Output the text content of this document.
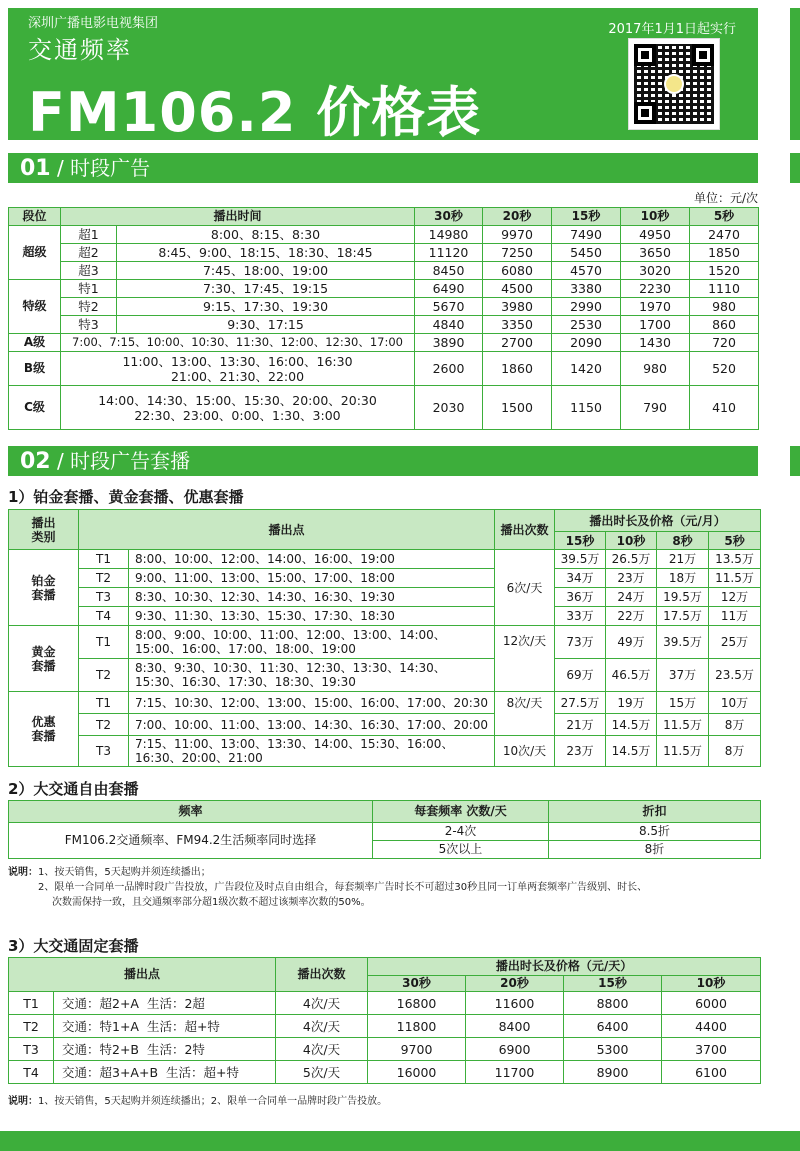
深圳广播电影电视集团
交通频率
FM106.2 价格表
2017年1月1日起实行
01 / 时段广告
单位：元/次
段位	播出时间		30秒	20秒	15秒	10秒	5秒
超级	超1	8:00、8:15、8:30	14980	9970	7490	4950	2470
	超2	8:45、9:00、18:15、18:30、18:45	11120	7250	5450	3650	1850
	超3	7:45、18:00、19:00	8450	6080	4570	3020	1520
特级	特1	7:30、17:45、19:15	6490	4500	3380	2230	1110
	特2	9:15、17:30、19:30	5670	3980	2990	1970	980
	特3	9:30、17:15	4840	3350	2530	1700	860
A级	7:00、7:15、10:00、10:30、11:30、12:00、12:30、17:00		3890	2700	2090	1430	720
B级	11:00、13:00、13:30、16:00、16:30
21:00、21:30、22:00		2600	1860	1420	980	520
C级	14:00、14:30、15:00、15:30、20:00、20:30
22:30、23:00、0:00、1:30、3:00		2030	1500	1150	790	410
02 / 时段广告套播
1）铂金套播、黄金套播、优惠套播
播出
类别	播出点		播出次数	播出时长及价格（元/月）			
				15秒	10秒	8秒	5秒
铂金
套播	T1	8:00、10:00、12:00、14:00、16:00、19:00	6次/天	39.5万	26.5万	21万	13.5万
	T2	9:00、11:00、13:00、15:00、17:00、18:00		34万	23万	18万	11.5万
	T3	8:30、10:30、12:30、14:30、16:30、19:30		36万	24万	19.5万	12万
	T4	9:30、11:30、13:30、15:30、17:30、18:30		33万	22万	17.5万	11万
黄金
套播	T1	8:00、9:00、10:00、11:00、12:00、13:00、14:00、15:00、16:00、17:00、18:00、19:00	12次/天	73万	49万	39.5万	25万
	T2	8:30、9:30、10:30、11:30、12:30、13:30、14:30、15:30、16:30、17:30、18:30、19:30		69万	46.5万	37万	23.5万
优惠
套播	T1	7:15、10:30、12:00、13:00、15:00、16:00、17:00、20:30	8次/天	27.5万	19万	15万	10万
	T2	7:00、10:00、11:00、13:00、14:30、16:30、17:00、20:00		21万	14.5万	11.5万	8万
	T3	7:15、11:00、13:00、13:30、14:00、15:30、16:00、16:30、20:00、21:00	10次/天	23万	14.5万	11.5万	8万
2）大交通自由套播
频率	每套频率 次数/天	折扣
FM106.2交通频率、FM94.2生活频率同时选择	2-4次	8.5折
	5次以上	8折
说明：1、按天销售，5天起购并须连续播出；
2、限单一合同单一品牌时段广告投放，广告段位及时点自由组合，每套频率广告时长不可超过30秒且同一订单两套频率广告级别、时长、
次数需保持一致，且交通频率部分超1级次数不超过该频率次数的50%。
3）大交通固定套播
播出点		播出次数	播出时长及价格（元/天）			
			30秒	20秒	15秒	10秒
T1	交通：超2+A 生活：2超	4次/天	16800	11600	8800	6000
T2	交通：特1+A 生活：超+特	4次/天	11800	8400	6400	4400
T3	交通：特2+B 生活：2特	4次/天	9700	6900	5300	3700
T4	交通：超3+A+B 生活：超+特	5次/天	16000	11700	8900	6100
说明：1、按天销售，5天起购并须连续播出；2、限单一合同单一品牌时段广告投放。
